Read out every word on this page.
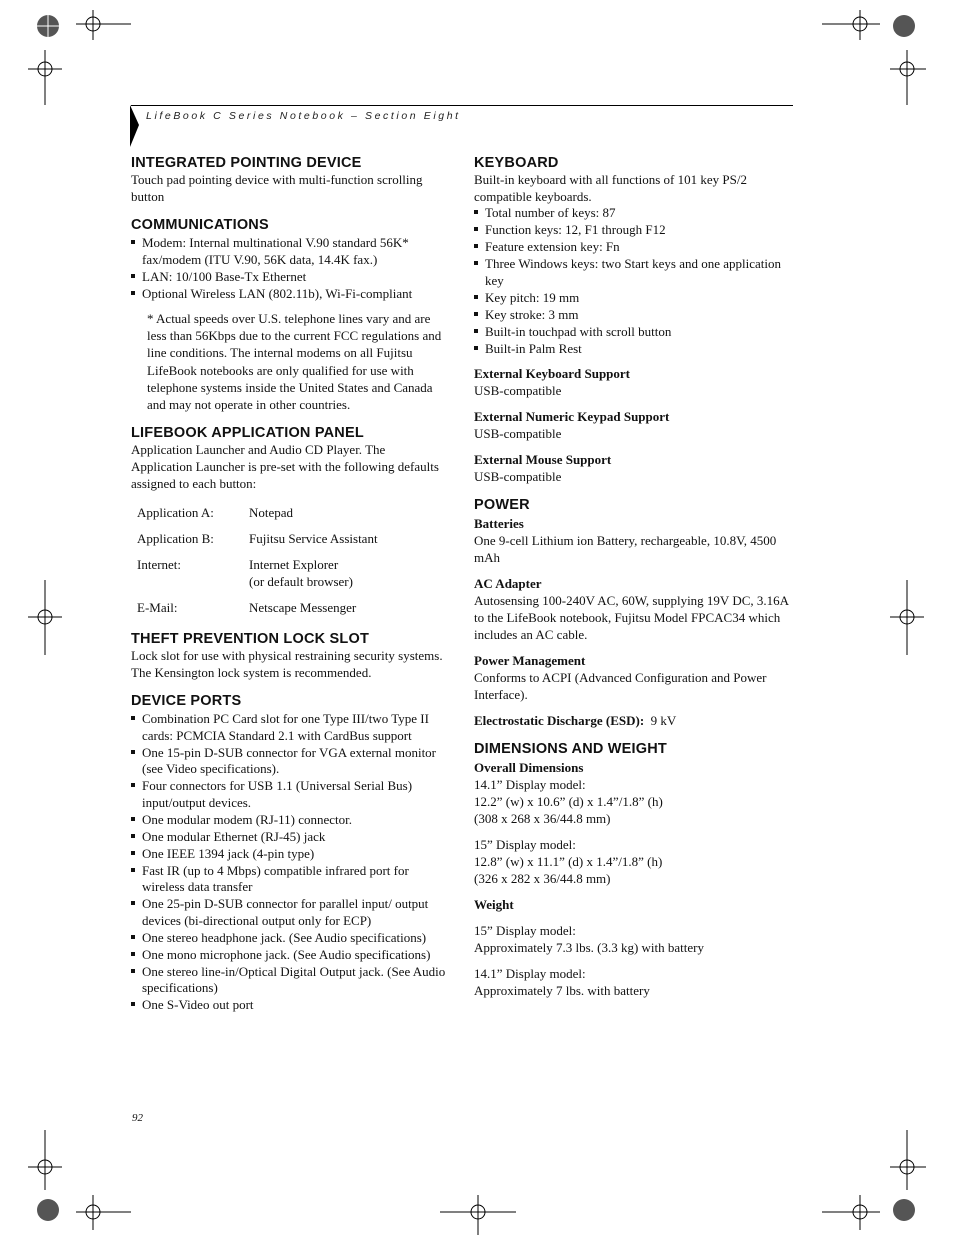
LifeBook C Series Notebook – Section Eight
INTEGRATED POINTING DEVICE

Touch pad pointing device with multi-function scrolling button

COMMUNICATIONS
Modem: Internal multinational V.90 standard 56K* fax/modem (ITU V.90, 56K data, 14.4K fax.)
LAN: 10/100 Base-Tx Ethernet
Optional Wireless LAN (802.11b), Wi-Fi-compliant

* Actual speeds over U.S. telephone lines vary and are less than 56Kbps due to the current FCC regulations and line conditions. The internal modems on all Fujitsu LifeBook notebooks are only qualified for use with telephone systems inside the United States and Canada and may not operate in other countries.

LIFEBOOK APPLICATION PANEL

Application Launcher and Audio CD Player. The Application Launcher is pre-set with the following defaults assigned to each button:

Application A:	Notepad
Application B:	Fujitsu Service Assistant
Internet:	Internet Explorer
(or default browser)

E-Mail:	Netscape Messenger
THEFT PREVENTION LOCK SLOT

Lock slot for use with physical restraining security systems. The Kensington lock system is recommended.

DEVICE PORTS
Combination PC Card slot for one Type III/two Type II cards: PCMCIA Standard 2.1 with CardBus support
One 15-pin D-SUB connector for VGA external monitor (see Video specifications).
Four connectors for USB 1.1 (Universal Serial Bus) input/output devices.
One modular modem (RJ-11) connector.
One modular Ethernet (RJ-45) jack
One IEEE 1394 jack (4-pin type)
Fast IR (up to 4 Mbps) compatible infrared port for wireless data transfer
One 25-pin D-SUB connector for parallel input/ output devices (bi-directional output only for ECP)
One stereo headphone jack. (See Audio specifications)
One mono microphone jack. (See Audio specifications)
One stereo line-in/Optical Digital Output jack. (See Audio specifications)
One S-Video out port
KEYBOARD

Built-in keyboard with all functions of 101 key PS/2 compatible keyboards.

Total number of keys: 87
Function keys: 12, F1 through F12
Feature extension key: Fn
Three Windows keys: two Start keys and one application key
Key pitch: 19 mm
Key stroke: 3 mm
Built-in touchpad with scroll button
Built-in Palm Rest
External Keyboard Support

USB-compatible

External Numeric Keypad Support

USB-compatible

External Mouse Support

USB-compatible

POWER
Batteries

One 9-cell Lithium ion Battery, rechargeable, 10.8V, 4500 mAh

AC Adapter

Autosensing 100-240V AC, 60W, supplying 19V DC, 3.16A to the LifeBook notebook, Fujitsu Model FPCAC34 which includes an AC cable.

Power Management

Conforms to ACPI (Advanced Configuration and Power Interface).

Electrostatic Discharge (ESD): 9 kV

DIMENSIONS AND WEIGHT
Overall Dimensions

14.1” Display model:

12.2” (w) x 10.6” (d) x 1.4”/1.8” (h)

(308 x 268 x 36/44.8 mm)

15” Display model:

12.8” (w) x 11.1” (d) x 1.4”/1.8” (h)

(326 x 282 x 36/44.8 mm)

Weight

15” Display model:

Approximately 7.3 lbs. (3.3 kg) with battery

14.1” Display model:

Approximately 7 lbs. with battery

92
